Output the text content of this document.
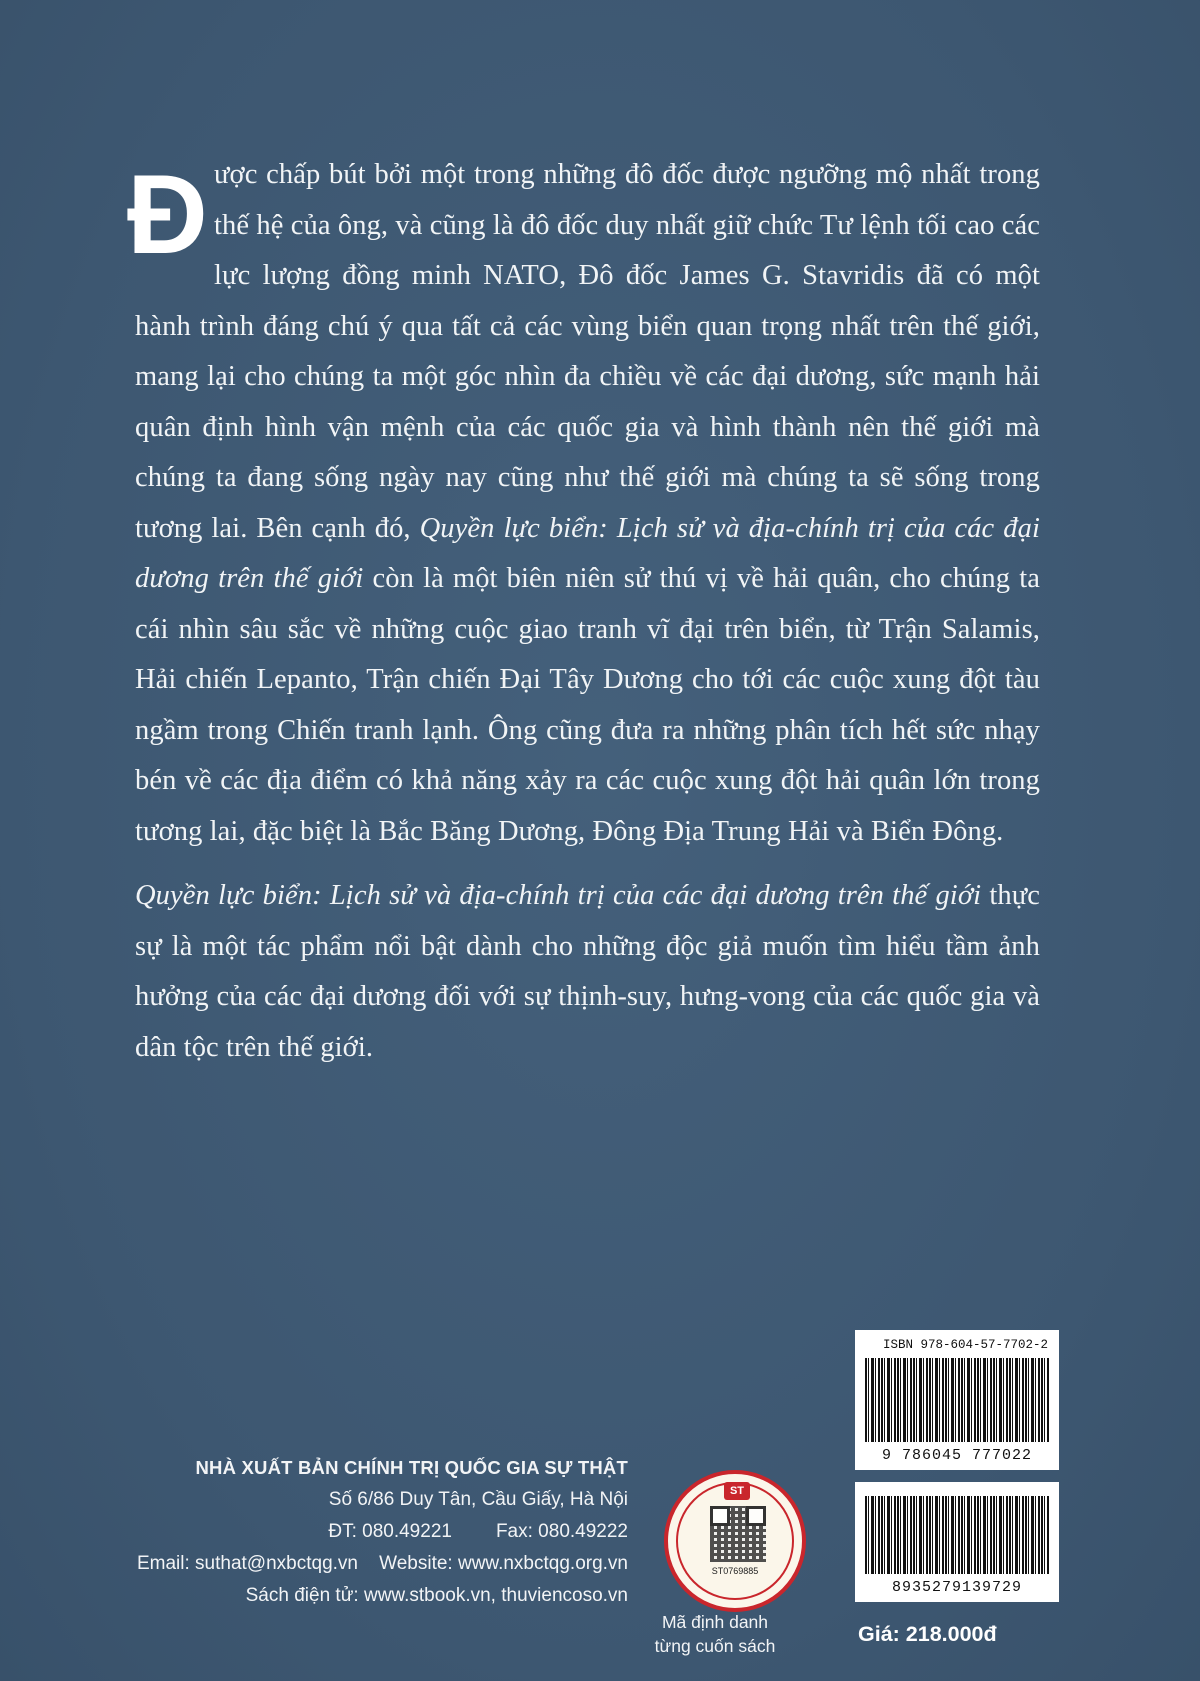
Đ ược chấp bút bởi một trong những đô đốc được ngưỡng mộ nhất trong thế hệ của ông, và cũng là đô đốc duy nhất giữ chức Tư lệnh tối cao các lực lượng đồng minh NATO, Đô đốc James G. Stavridis đã có một hành trình đáng chú ý qua tất cả các vùng biển quan trọng nhất trên thế giới, mang lại cho chúng ta một góc nhìn đa chiều về các đại dương, sức mạnh hải quân định hình vận mệnh của các quốc gia và hình thành nên thế giới mà chúng ta đang sống ngày nay cũng như thế giới mà chúng ta sẽ sống trong tương lai. Bên cạnh đó, Quyền lực biển: Lịch sử và địa-chính trị của các đại dương trên thế giới còn là một biên niên sử thú vị về hải quân, cho chúng ta cái nhìn sâu sắc về những cuộc giao tranh vĩ đại trên biển, từ Trận Salamis, Hải chiến Lepanto, Trận chiến Đại Tây Dương cho tới các cuộc xung đột tàu ngầm trong Chiến tranh lạnh. Ông cũng đưa ra những phân tích hết sức nhạy bén về các địa điểm có khả năng xảy ra các cuộc xung đột hải quân lớn trong tương lai, đặc biệt là Bắc Băng Dương, Đông Địa Trung Hải và Biển Đông.

Quyền lực biển: Lịch sử và địa-chính trị của các đại dương trên thế giới thực sự là một tác phẩm nổi bật dành cho những độc giả muốn tìm hiểu tầm ảnh hưởng của các đại dương đối với sự thịnh-suy, hưng-vong của các quốc gia và dân tộc trên thế giới.

NHÀ XUẤT BẢN CHÍNH TRỊ QUỐC GIA SỰ THẬT
Số 6/86 Duy Tân, Cầu Giấy, Hà Nội
ĐT: 080.49221 Fax: 080.49222
Email: suthat@nxbctqg.vn Website: www.nxbctqg.org.vn
Sách điện tử: www.stbook.vn, thuviencoso.vn
ST
ST0769885
Mã định danh
từng cuốn sách
ISBN 978-604-57-7702-2
9 786045 777022
8935279139729
Giá: 218.000đ
